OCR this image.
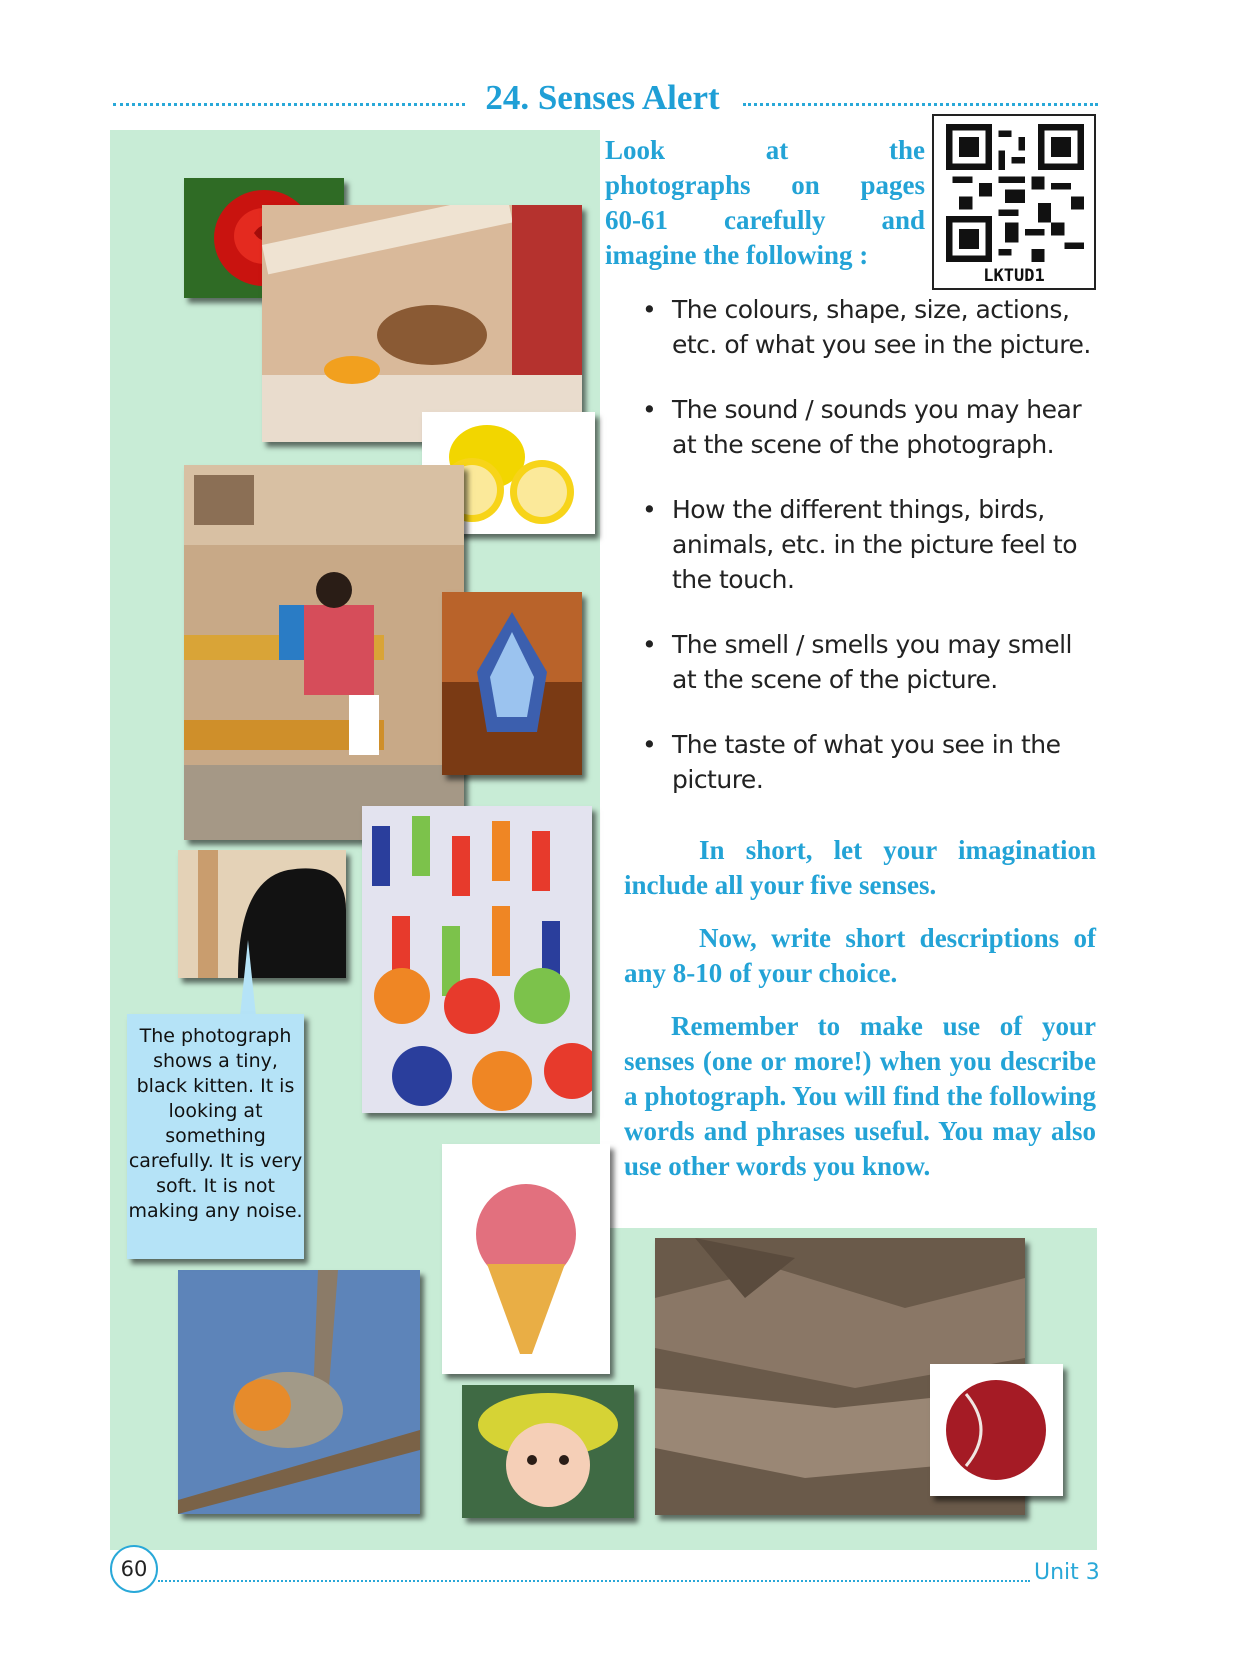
24. Senses Alert
LKTUD1
Look at the
photographs on pages
60-61 carefully and
imagine the following :
• The colours, shape, size, actions, etc. of what you see in the picture.
• The sound / sounds you may hear at the scene of the photograph.
• How the different things, birds, animals, etc. in the picture feel to the touch.
• The smell / smells you may smell at the scene of the picture.
• The taste of what you see in the picture.
In short, let your imagination include all your five senses.
Now, write short descriptions of any 8-10 of your choice.
Remember to make use of your senses (one or more!) when you describe a photograph. You will find the following words and phrases useful. You may also use other words you know.
The photograph shows a tiny, black kitten. It is looking at something carefully. It is very soft. It is not making any noise.
60	Unit 3
